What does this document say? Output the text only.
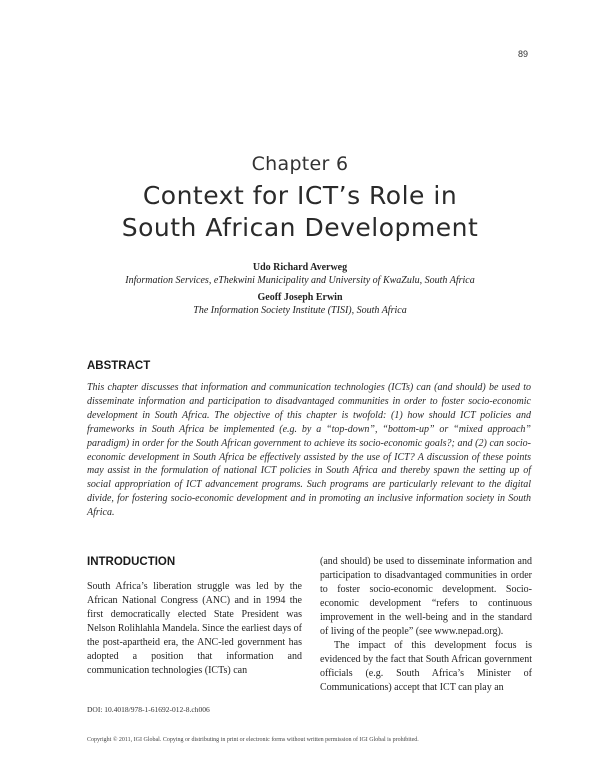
89
Chapter 6
Context for ICT’s Role in
South African Development
Udo Richard Averweg
Information Services, eThekwini Municipality and University of KwaZulu, South Africa
Geoff Joseph Erwin
The Information Society Institute (TISI), South Africa
ABSTRACT

This chapter discusses that information and communication technologies (ICTs) can (and should) be used to disseminate information and participation to disadvantaged communities in order to foster socio-economic development in South Africa. The objective of this chapter is twofold: (1) how should ICT policies and frameworks in South Africa be implemented (e.g. by a “top-down”, “bottom-up” or “mixed approach” paradigm) in order for the South African government to achieve its socio-economic goals?; and (2) can socio-economic development in South Africa be effectively assisted by the use of ICT? A discussion of these points may assist in the formulation of national ICT policies in South Africa and thereby spawn the setting up of social appropriation of ICT advancement programs. Such programs are particularly relevant to the digital divide, for fostering socio-economic development and in promoting an inclusive information society in South Africa.

INTRODUCTION

South Africa’s liberation struggle was led by the African National Congress (ANC) and in 1994 the first democratically elected State President was Nelson Rolihlahla Mandela. Since the earliest days of the post-apartheid era, the ANC-led government has adopted a position that information and communication technologies (ICTs) can

(and should) be used to disseminate information and participation to disadvantaged communities in order to foster socio-economic development. Socio-economic development “refers to continuous improvement in the well-being and in the standard of living of the people” (see www.nepad.org).

The impact of this development focus is evidenced by the fact that South African government officials (e.g. South Africa’s Minister of Communications) accept that ICT can play an

DOI: 10.4018/978-1-61692-012-8.ch006
Copyright © 2011, IGI Global. Copying or distributing in print or electronic forms without written permission of IGI Global is prohibited.
